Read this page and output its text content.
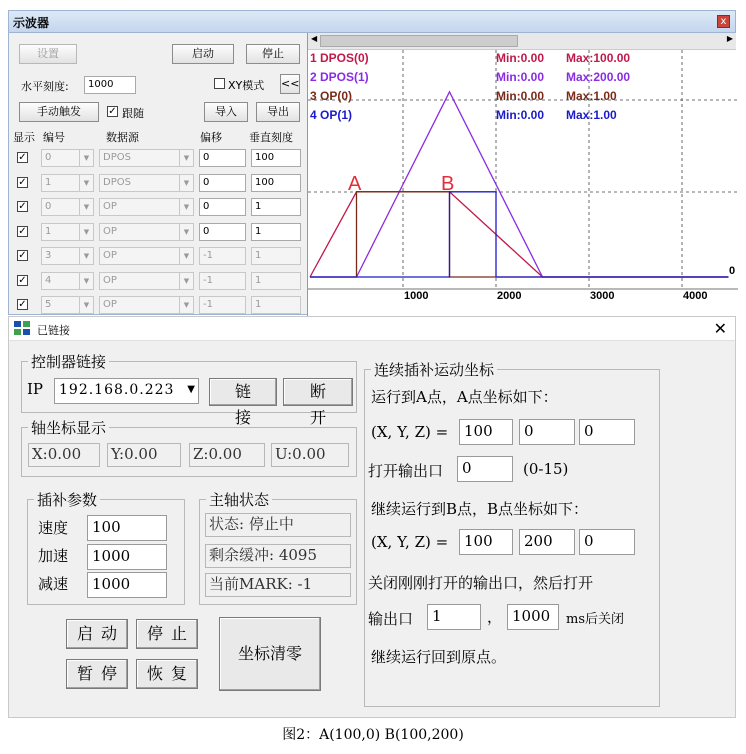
示波器	x
设置	启动	停止
水平刻度:	1000	XY模式 <<
手动触发	✓ 跟随	导入	导出
显示 编号	数据源	偏移 垂直刻度
✓	0	▼	DPOS	▼	0	100
✓	1	▼	DPOS	▼	0	100
✓	0	▼	OP	▼	0	1
✓	1	▼	OP	▼	0	1
✓	3	▼	OP	▼	-1	1
✓	4	▼	OP	▼	-1	1
✓	5	▼	OP	▼	-1	1
◀	▶
1 DPOS(0)	Min:0.00 Max:100.00
2 DPOS(1)	Min:0.00 Max:200.00
3 OP(0)	Min:0.00 Max:1.00
4 OP(1)	Min:0.00 Max:1.00
A	B
1000	2000	3000	4000
0
已链接	✕
控制器链接
IP	192.168.0.223 ▼	链 接
断 开
轴坐标显示
X:0.00	Y:0.00	Z:0.00	U:0.00
插补参数
速度	100
加速	1000
减速	1000
主轴状态
状态: 停止中
剩余缓冲: 4095
当前MARK: -1
启动	停止
暂停	恢复
坐标清零
连续插补运动坐标
运行到A点，A点坐标如下：
(X, Y, Z) =	100	0	0
打开输出口	0	(0-15)
继续运行到B点，B点坐标如下：
(X, Y, Z) =	100	200	0
关闭刚刚打开的输出口，然后打开
输出口	1	， 1000	ms后关闭
继续运行回到原点。
图2：A(100,0) B(100,200)
